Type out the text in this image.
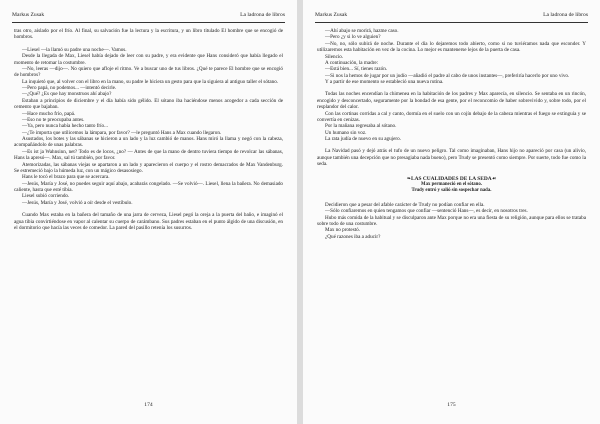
Markus Zusak	La ladrona de libros

tras otro, aislado por el frío. Al final, su salvación fue la lectura y la escritura, y un libro titulado El hombre que se encogió de hombros.

—Liesel —la llamó su padre una noche—. Vamos.

Desde la llegada de Max, Liesel había dejado de leer con su padre, y era evidente que Hans consideró que había llegado el momento de retomar la costumbre.

—No, leeras —dijo—. No quiero que afloje el ritmo. Ve a buscar uno de tus libros. ¿Qué te parece El hombre que se encogió de hombros?

La inquietó que, al volver con el libro en la mano, su padre le hiciera un gesto para que la siguiera al antiguo taller el sótano.

—Pero papá, no podemos... —intentó decirle.

—¿Qué? ¿Es que hay monstruos ahí abajo?

Estaban a principios de diciembre y el día había sido gélido. El sótano iba haciéndose menos acogedor a cada sección de cemento que bajaban.

—Hace mucho frío, papá.

—Eso no te preocupaba antes.

—Ya, pero nunca había hecho tanto frío...

—¿Te importa que utilicemos la lámpara, por favor? —le preguntó Hans a Max cuando llegaron.

Asustados, los botes y las sábanas se hicieron a un lado y la luz cambió de manos. Hans miró la llama y negó con la cabeza, acompañándolo de unas palabras.

—Es ist ja Wahnsinn, net? Todo es de locos, ¿no? — Antes de que la mano de dentro tuviera tiempo de revolcar las sábanas, Hans la apresó—. Max, sal tú también, por favor.

Atemorizadas, las sábanas viejas se apartaron a un lado y aparecieron el cuerpo y el rostro demacrados de Max Vandenburg. Se estremeció bajo la húmeda luz, con un mágico desasosiego.

Hans le tocó el brazo para que se acercara.

—Jesús, María y José, no puedes seguir aquí abajo, acabarás congelado. —Se volvió—. Liesel, llena la bañera. No demasiado caliente, hasta que esté tibia.

Liesel subió corriendo.

—Jesús, María y José, volvió a oír desde el vestíbulo.

Cuando Max estaba en la bañera del tamaño de una jarra de cerveza, Liesel pegó la oreja a la puerta del baño, e imaginó el agua tibia convirtiéndose en vapor al calentar su cuerpo de carámbano. Sus padres estaban en el punto álgido de una discusión, en el dormitorio que hacía las veces de comedor. La pared del pasillo retenía los susurros.

174
Markus Zusak	La ladrona de libros

—Ahí abajo se morirá, hazme caso.

—Pero ¿y si lo ve alguien?

—No, no, sólo subirá de noche. Durante el día lo dejaremos todo abierto, como si no tuviéramos nada que esconder. Y utilizaremos esta habitación en vez de la cocina. Lo mejor es mantenerse lejos de la puerta de casa.

Silencio.

A continuación, la madre:

—Está bien... Sí, tienes razón.

—Si nos la hemos de jugar por un judío —añadió el padre al cabo de unos instantes—, preferiría hacerlo por uno vivo.

Y a partir de ese momento se estableció una nueva rutina.

Todas las noches encendían la chimenea en la habitación de los padres y Max aparecía, en silencio. Se sentaba en un rincón, encogido y desconcertado, seguramente por la bondad de esa gente, por el reconcomio de haber sobrevivido y, sobre todo, por el resplandor del calor.

Con las cortinas corridas a cal y canto, dormía en el suelo con un cojín debajo de la cabeza mientras el fuego se extinguía y se convertía en cenizas.

Por la mañana regresaba al sótano.

Un humano sin voz.

La rata judía de nuevo en su agujero.

La Navidad pasó y dejó atrás el tufo de un nuevo peligro. Tal como imaginaban, Hans hijo no apareció por casa (un alivio, aunque también una decepción que no presagiaba nada bueno), pero Trudy se presentó como siempre. Por suerte, todo fue como la seda.

❧LAS CUALIDADES DE LA SEDA☙
Max permaneció en el sótano.
Trudy entró y salió sin sospechar nada.

Decidieron que a pesar del afable carácter de Trudy no podían confiar en ella.

—Sólo confiaremos en quien tengamos que confiar —sentenció Hans—, es decir, en nosotros tres.

Hubo más comida de la habitual y se disculparon ante Max porque no era una fiesta de su religión, aunque para ellos se trataba sobre todo de una costumbre.

Max no protestó.

¿Qué razones iba a aducir?

175
